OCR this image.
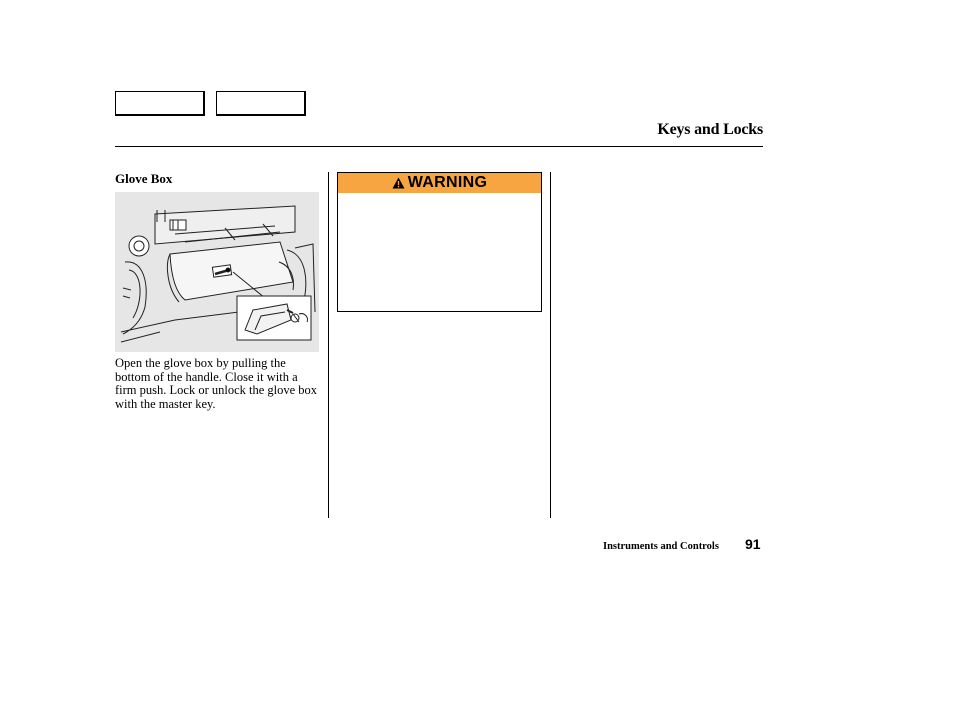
Keys and Locks
Glove Box
Open the glove box by pulling the bottom of the handle. Close it with a firm push. Lock or unlock the glove box with the master key.
WARNING
Instruments and Controls 91
